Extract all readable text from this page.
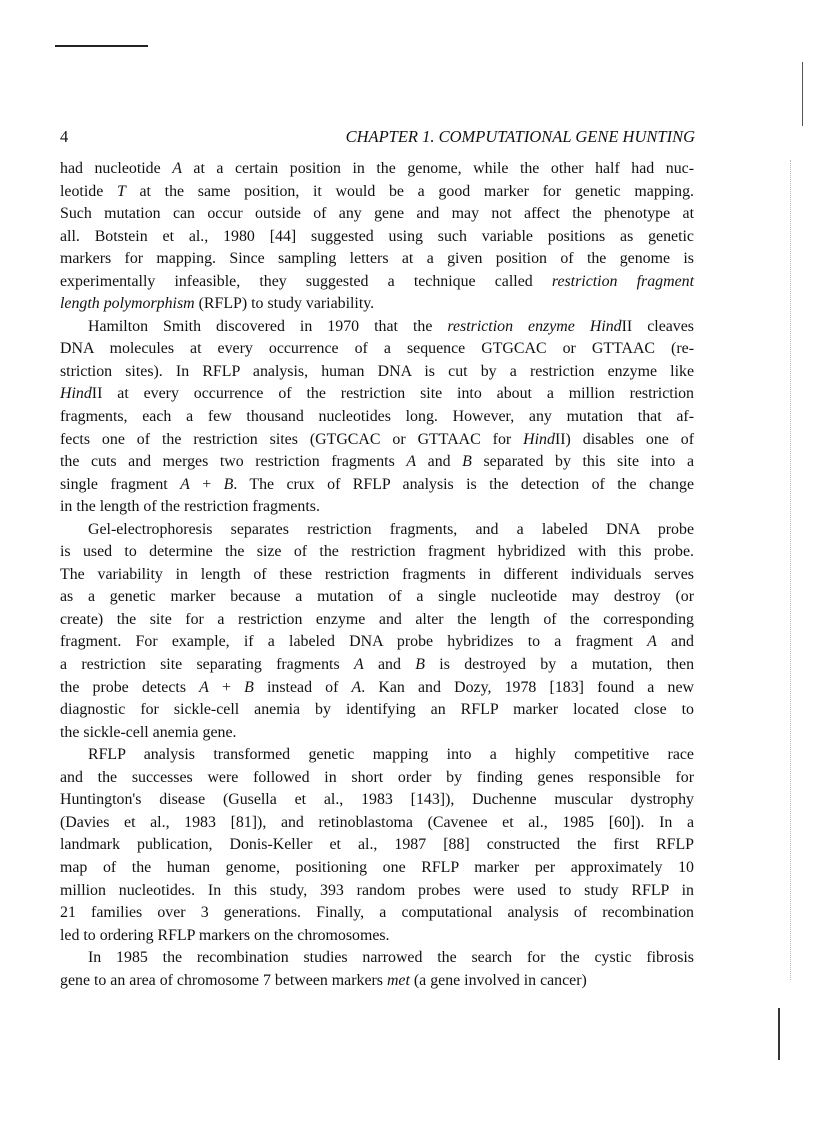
4	CHAPTER 1. COMPUTATIONAL GENE HUNTING
had nucleotide A at a certain position in the genome, while the other half had nuc-
leotide T at the same position, it would be a good marker for genetic mapping.
Such mutation can occur outside of any gene and may not affect the phenotype at
all. Botstein et al., 1980 [44] suggested using such variable positions as genetic
markers for mapping. Since sampling letters at a given position of the genome is
experimentally infeasible, they suggested a technique called restriction fragment
length polymorphism (RFLP) to study variability.
Hamilton Smith discovered in 1970 that the restriction enzyme HindII cleaves
DNA molecules at every occurrence of a sequence GTGCAC or GTTAAC (re-
striction sites). In RFLP analysis, human DNA is cut by a restriction enzyme like
HindII at every occurrence of the restriction site into about a million restriction
fragments, each a few thousand nucleotides long. However, any mutation that af-
fects one of the restriction sites (GTGCAC or GTTAAC for HindII) disables one of
the cuts and merges two restriction fragments A and B separated by this site into a
single fragment A + B. The crux of RFLP analysis is the detection of the change
in the length of the restriction fragments.
Gel-electrophoresis separates restriction fragments, and a labeled DNA probe
is used to determine the size of the restriction fragment hybridized with this probe.
The variability in length of these restriction fragments in different individuals serves
as a genetic marker because a mutation of a single nucleotide may destroy (or
create) the site for a restriction enzyme and alter the length of the corresponding
fragment. For example, if a labeled DNA probe hybridizes to a fragment A and
a restriction site separating fragments A and B is destroyed by a mutation, then
the probe detects A + B instead of A. Kan and Dozy, 1978 [183] found a new
diagnostic for sickle-cell anemia by identifying an RFLP marker located close to
the sickle-cell anemia gene.
RFLP analysis transformed genetic mapping into a highly competitive race
and the successes were followed in short order by finding genes responsible for
Huntington's disease (Gusella et al., 1983 [143]), Duchenne muscular dystrophy
(Davies et al., 1983 [81]), and retinoblastoma (Cavenee et al., 1985 [60]). In a
landmark publication, Donis-Keller et al., 1987 [88] constructed the first RFLP
map of the human genome, positioning one RFLP marker per approximately 10
million nucleotides. In this study, 393 random probes were used to study RFLP in
21 families over 3 generations. Finally, a computational analysis of recombination
led to ordering RFLP markers on the chromosomes.
In 1985 the recombination studies narrowed the search for the cystic fibrosis
gene to an area of chromosome 7 between markers met (a gene involved in cancer)
